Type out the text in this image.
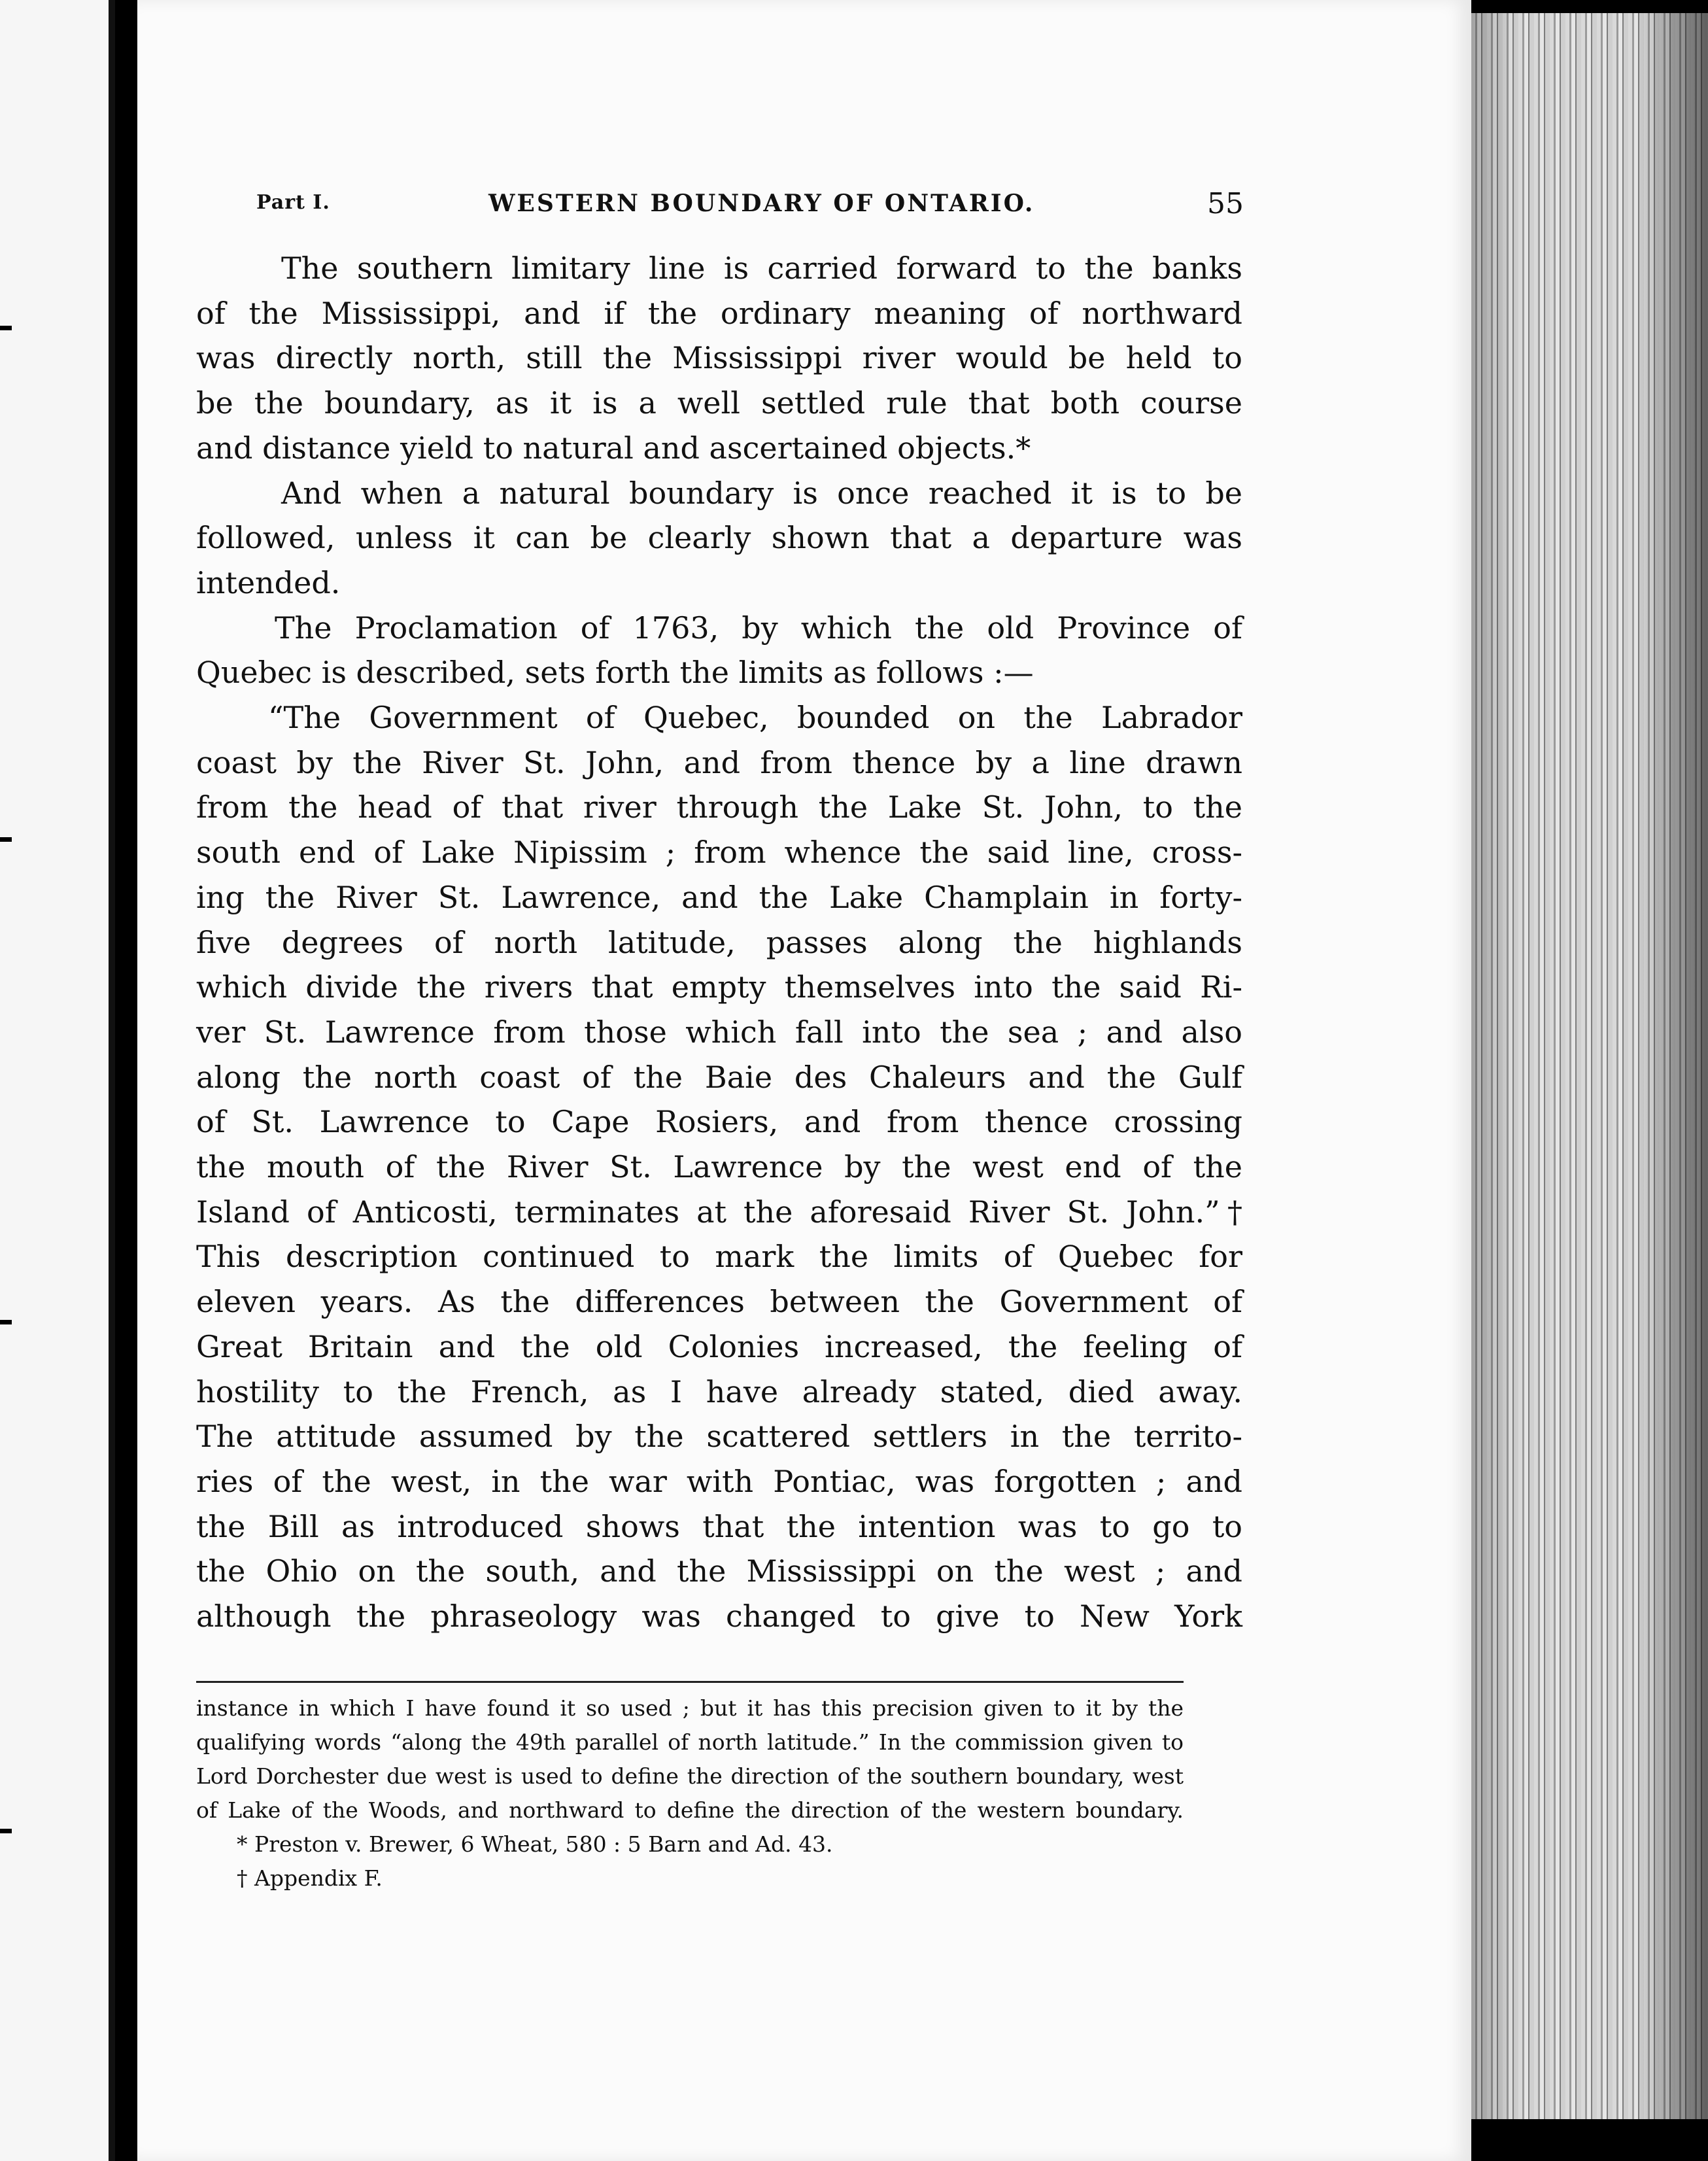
Part I.	WESTERN BOUNDARY OF ONTARIO.	55
The southern limitary line is carried forward to the banks
of the Mississippi, and if the ordinary meaning of northward
was directly north, still the Mississippi river would be held to
be the boundary, as it is a well settled rule that both course
and distance yield to natural and ascertained objects.*
And when a natural boundary is once reached it is to be
followed, unless it can be clearly shown that a departure was
intended.
The Proclamation of 1763, by which the old Province of
Quebec is described, sets forth the limits as follows :—
“The Government of Quebec, bounded on the Labrador
coast by the River St. John, and from thence by a line drawn
from the head of that river through the Lake St. John, to the
south end of Lake Nipissim ; from whence the said line, cross-
ing the River St. Lawrence, and the Lake Champlain in forty-
five degrees of north latitude, passes along the highlands
which divide the rivers that empty themselves into the said Ri-
ver St. Lawrence from those which fall into the sea ; and also
along the north coast of the Baie des Chaleurs and the Gulf
of St. Lawrence to Cape Rosiers, and from thence crossing
the mouth of the River St. Lawrence by the west end of the
Island of Anticosti, terminates at the aforesaid River St. John.”†
This description continued to mark the limits of Quebec for
eleven years. As the differences between the Government of
Great Britain and the old Colonies increased, the feeling of
hostility to the French, as I have already stated, died away.
The attitude assumed by the scattered settlers in the territo-
ries of the west, in the war with Pontiac, was forgotten ; and
the Bill as introduced shows that the intention was to go to
the Ohio on the south, and the Mississippi on the west ; and
although the phraseology was changed to give to New York
instance in which I have found it so used ; but it has this precision given to it by the
qualifying words “along the 49th parallel of north latitude.” In the commission given to
Lord Dorchester due west is used to define the direction of the southern boundary, west
of Lake of the Woods, and northward to define the direction of the western boundary.
* Preston v. Brewer, 6 Wheat, 580 : 5 Barn and Ad. 43.
† Appendix F.
